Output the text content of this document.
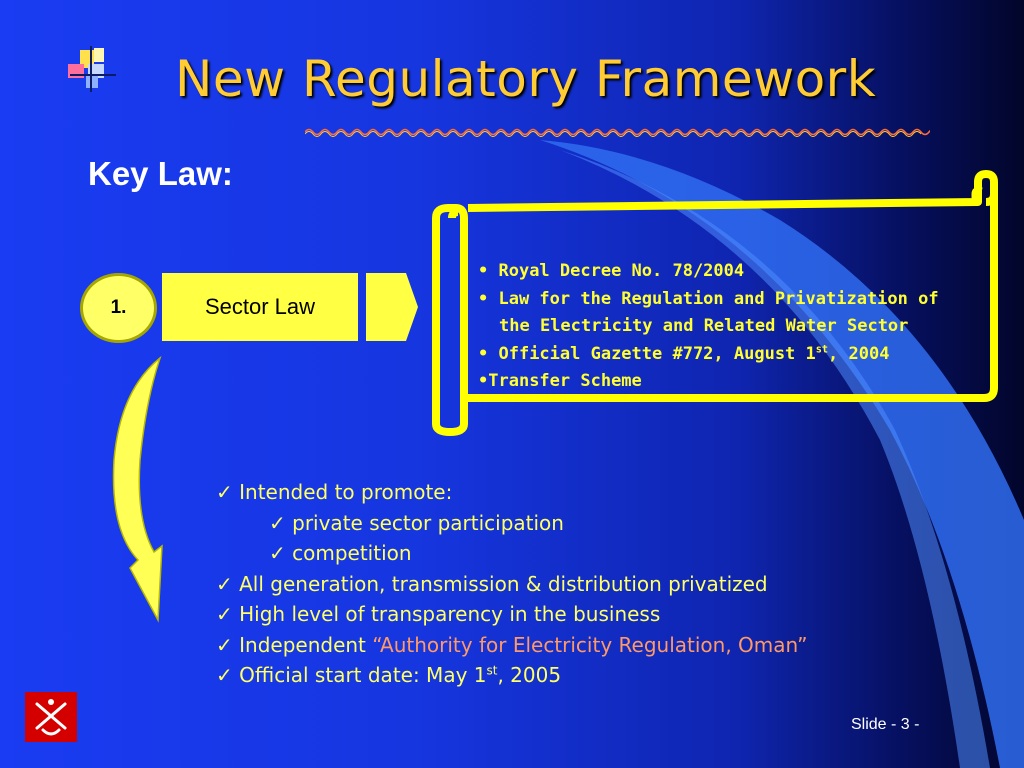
New Regulatory Framework
Key Law:
1.	Sector Law
• Royal Decree No. 78/2004
• Law for the Regulation and Privatization of
the Electricity and Related Water Sector
• Official Gazette #772, August 1st, 2004
•Transfer Scheme
✓ Intended to promote:
✓ private sector participation
✓ competition
✓ All generation, transmission & distribution privatized
✓ High level of transparency in the business
✓ Independent “Authority for Electricity Regulation, Oman”
✓ Official start date: May 1st, 2005
Slide - 3 -
